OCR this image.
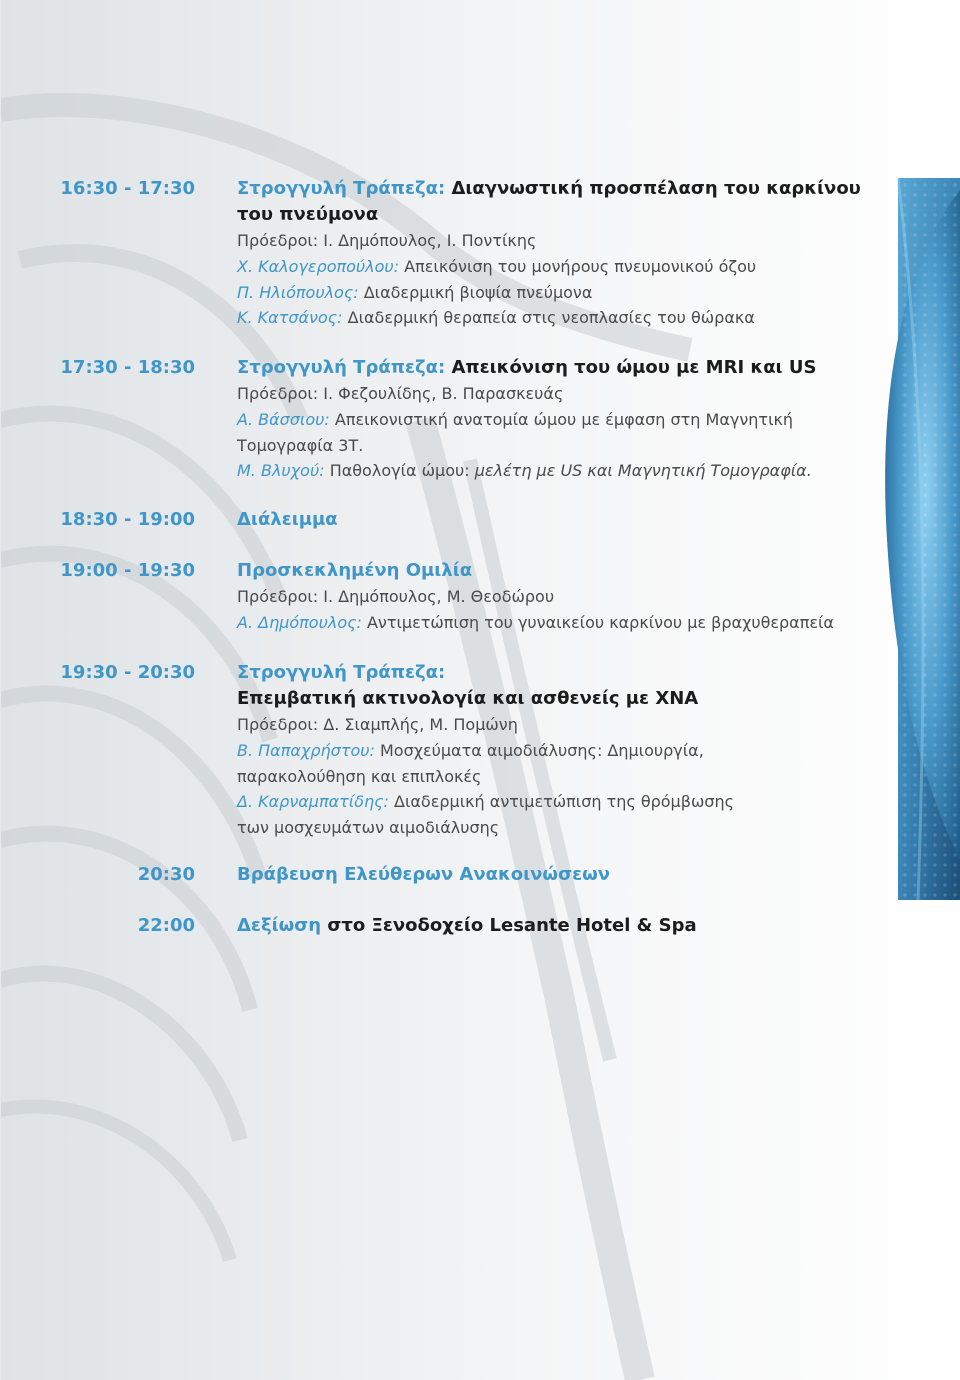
16:30 - 17:30 Στρογγυλή Τράπεζα: Διαγνωστική προσπέλαση του καρκίνου
του πνεύμονα
Πρόεδροι: Ι. Δημόπουλος, Ι. Ποντίκης
Χ. Καλογεροπούλου: Απεικόνιση του μονήρους πνευμονικού όζου
Π. Ηλιόπουλος: Διαδερμική βιοψία πνεύμονα
Κ. Κατσάνος: Διαδερμική θεραπεία στις νεοπλασίες του θώρακα
17:30 - 18:30 Στρογγυλή Τράπεζα: Απεικόνιση του ώμου με MRI και US
Πρόεδροι: Ι. Φεζουλίδης, Β. Παρασκευάς
Α. Βάσσιου: Απεικονιστική ανατομία ώμου με έμφαση στη Μαγνητική
Τομογραφία 3Τ.
Μ. Βλυχού: Παθολογία ώμου: μελέτη με US και Μαγνητική Τομογραφία.
18:30 - 19:00 Διάλειμμα
19:00 - 19:30 Προσκεκλημένη Ομιλία
Πρόεδροι: Ι. Δημόπουλος, Μ. Θεοδώρου
Α. Δημόπουλος: Αντιμετώπιση του γυναικείου καρκίνου με βραχυθεραπεία
19:30 - 20:30 Στρογγυλή Τράπεζα:
Επεμβατική ακτινολογία και ασθενείς με ΧΝΑ
Πρόεδροι: Δ. Σιαμπλής, Μ. Πομώνη
Β. Παπαχρήστου: Μοσχεύματα αιμοδιάλυσης: Δημιουργία,
παρακολούθηση και επιπλοκές
Δ. Καρναμπατίδης: Διαδερμική αντιμετώπιση της θρόμβωσης
των μοσχευμάτων αιμοδιάλυσης
20:30 Βράβευση Ελεύθερων Ανακοινώσεων
22:00 Δεξίωση στο Ξενοδοχείο Lesante Hotel & Spa
